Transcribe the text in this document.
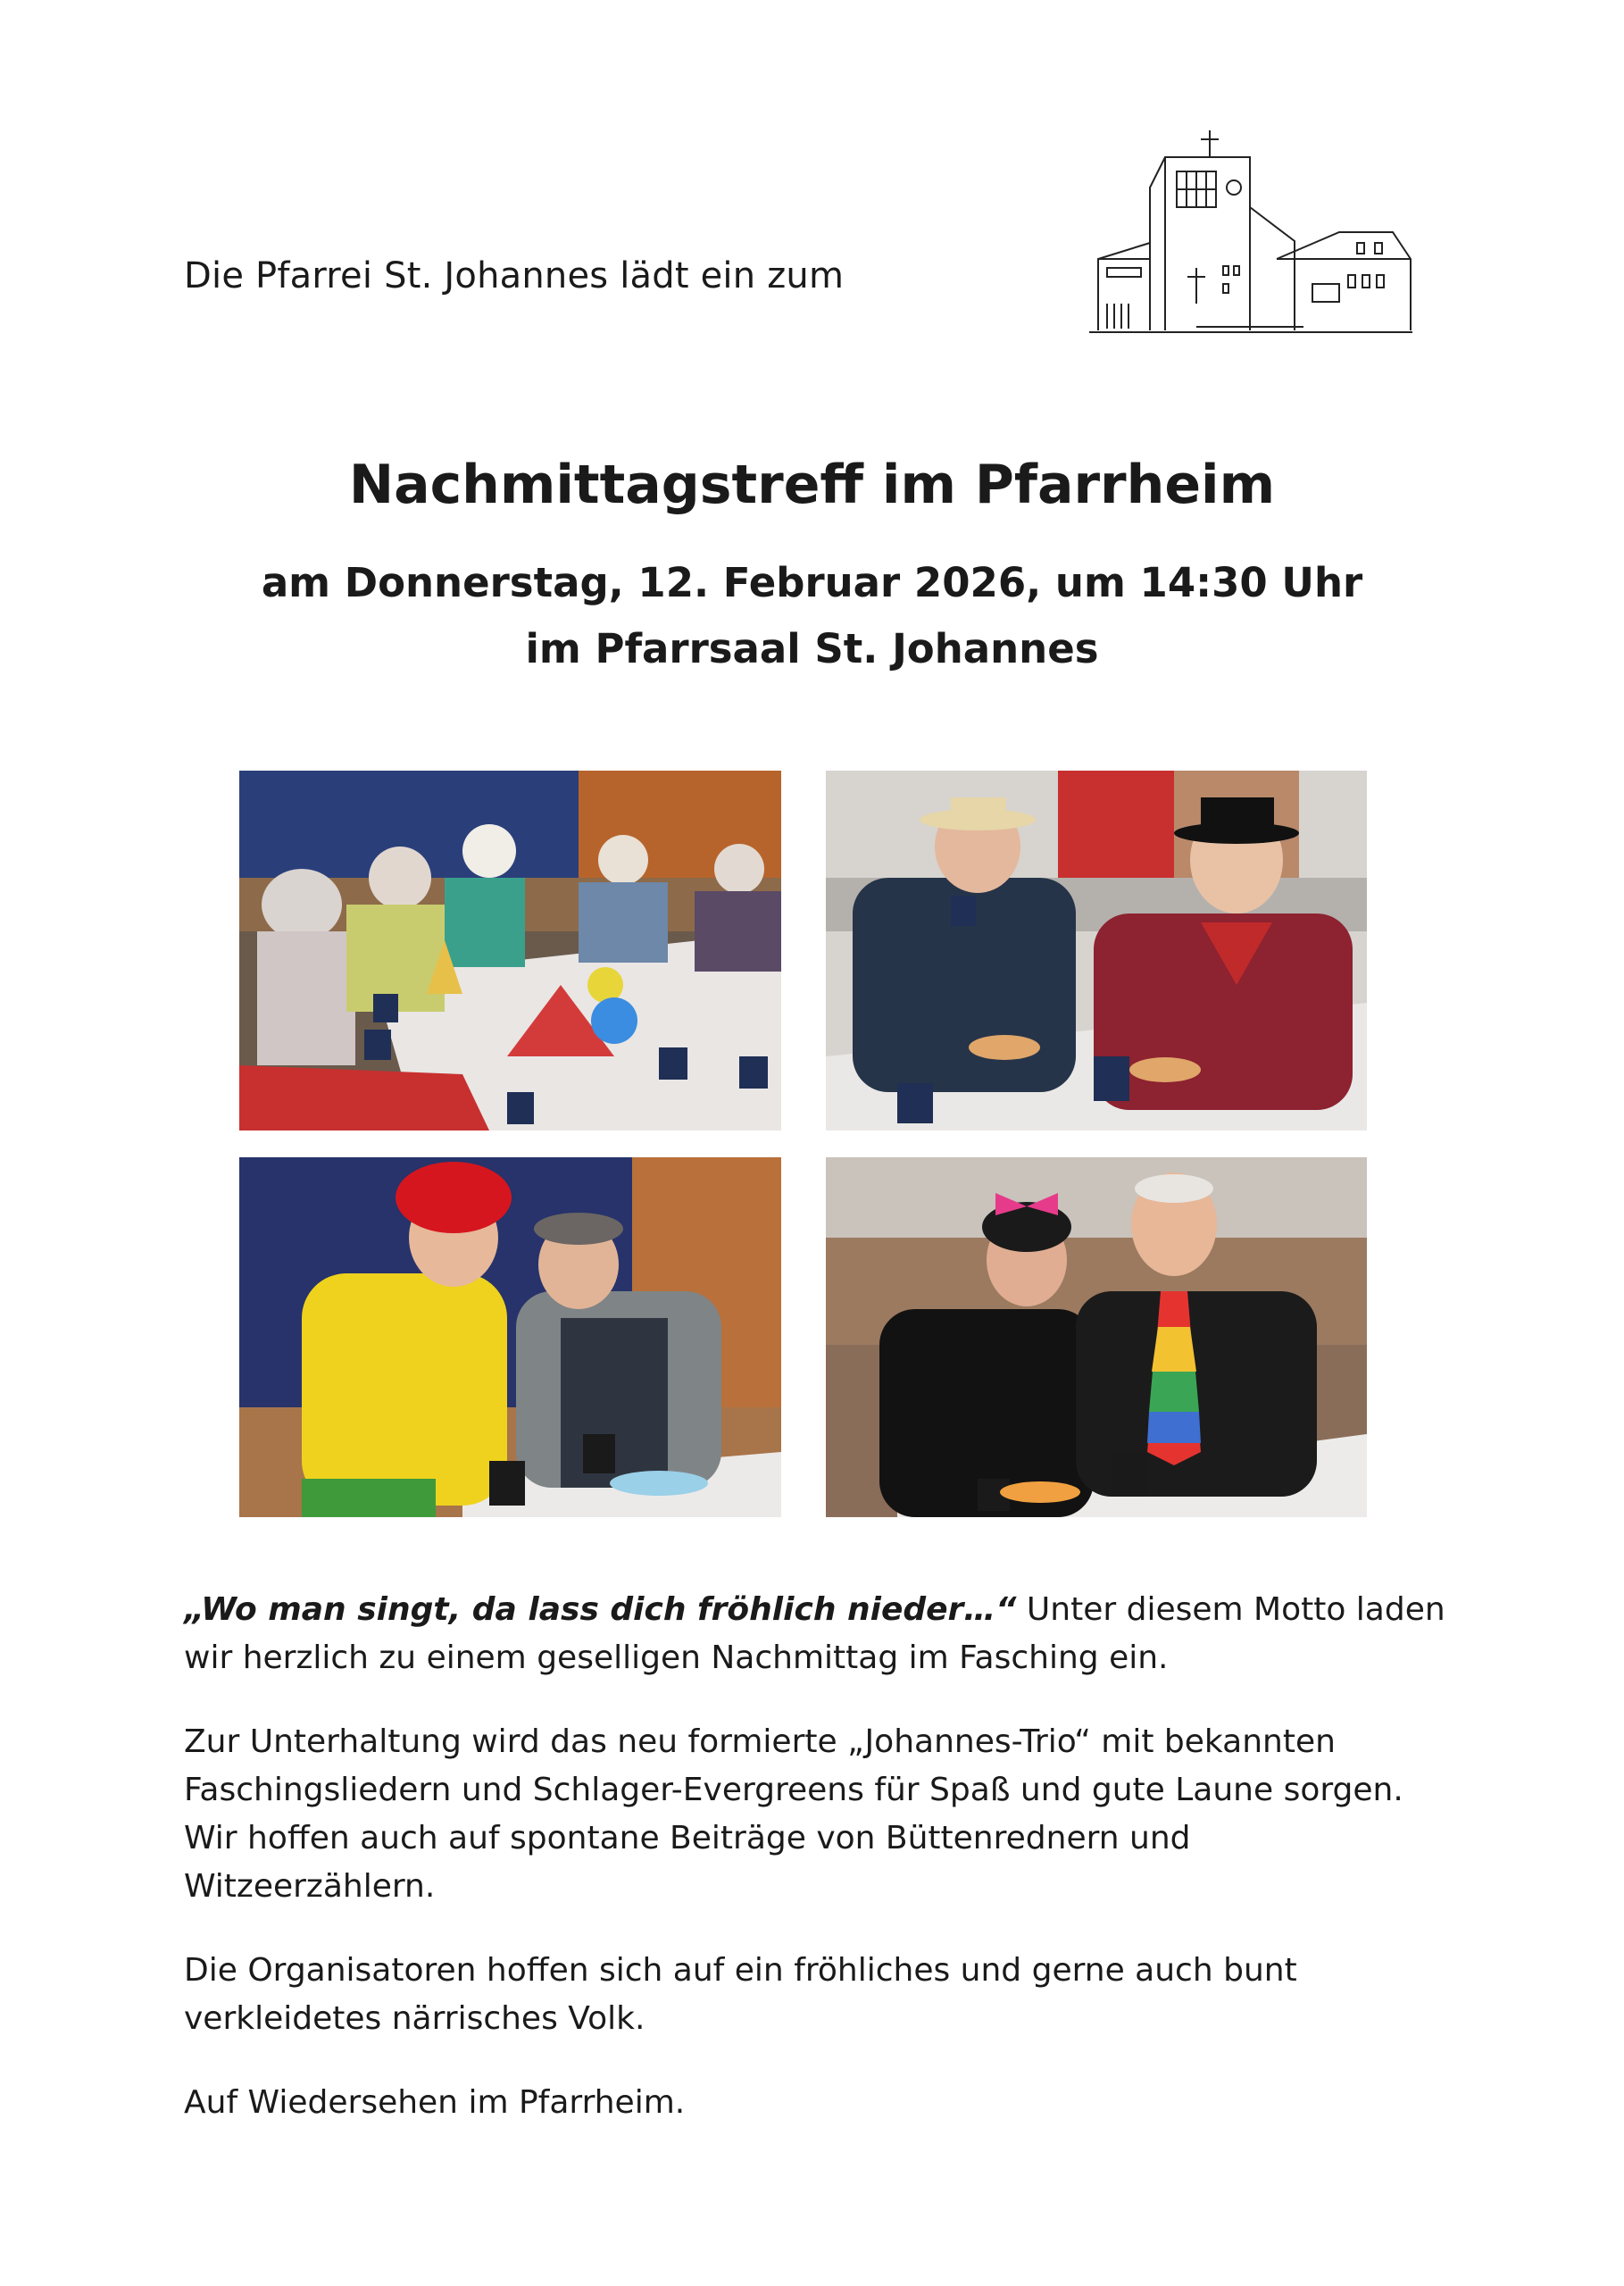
Die Pfarrei St. Johannes lädt ein zum
Nachmittagstreff im Pfarrheim
am Donnerstag, 12. Februar 2026, um 14:30 Uhr
im Pfarrsaal St. Johannes

„Wo man singt, da lass dich fröhlich nieder…“ Unter diesem Motto laden wir herzlich zu einem geselligen Nachmittag im Fasching ein.

Zur Unterhaltung wird das neu formierte „Johannes-Trio“ mit bekannten Faschingsliedern und Schlager-Evergreens für Spaß und gute Laune sorgen. Wir hoffen auch auf spontane Beiträge von Büttenrednern und Witzeerzählern.

Die Organisatoren hoffen sich auf ein fröhliches und gerne auch bunt verkleidetes närrisches Volk.

Auf Wiedersehen im Pfarrheim.
